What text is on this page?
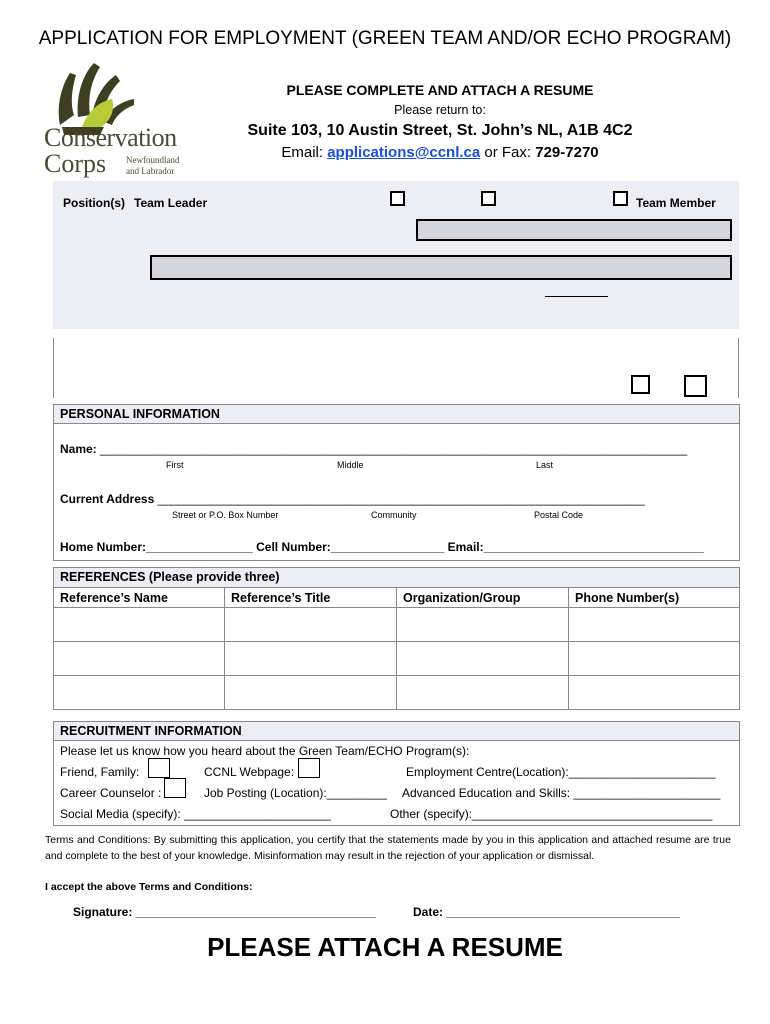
APPLICATION FOR EMPLOYMENT (GREEN TEAM AND/OR ECHO PROGRAM)
Conservation
Corps Newfoundland
and Labrador
PLEASE COMPLETE AND ATTACH A RESUME
Please return to:
Suite 103, 10 Austin Street, St. John’s NL, A1B 4C2
Email: applications@ccnl.ca or Fax: 729-7270
Position(s) Team Leader	Team Member
PERSONAL INFORMATION
Name: ________________________________________________________________________________________
First	Middle	Last
Current Address _________________________________________________________________________
Street or P.O. Box Number	Community	Postal Code
Home Number:________________ Cell Number:_________________ Email:_________________________________
REFERENCES (Please provide three)
Reference’s Name	Reference’s Title	Organization/Group	Phone Number(s)

RECRUITMENT INFORMATION
Please let us know how you heard about the Green Team/ECHO Program(s):
Friend, Family:	CCNL Webpage:	Employment Centre(Location):______________________
Career Counselor :	Job Posting (Location):_________ Advanced Education and Skills: ______________________
Social Media (specify): ______________________	Other (specify):____________________________________
Terms and Conditions: By submitting this application, you certify that the statements made by you in this application and attached resume are true and complete to the best of your knowledge. Misinformation may result in the rejection of your application or dismissal.
I accept the above Terms and Conditions:
Signature: ____________________________________	Date: ___________________________________
PLEASE ATTACH A RESUME
